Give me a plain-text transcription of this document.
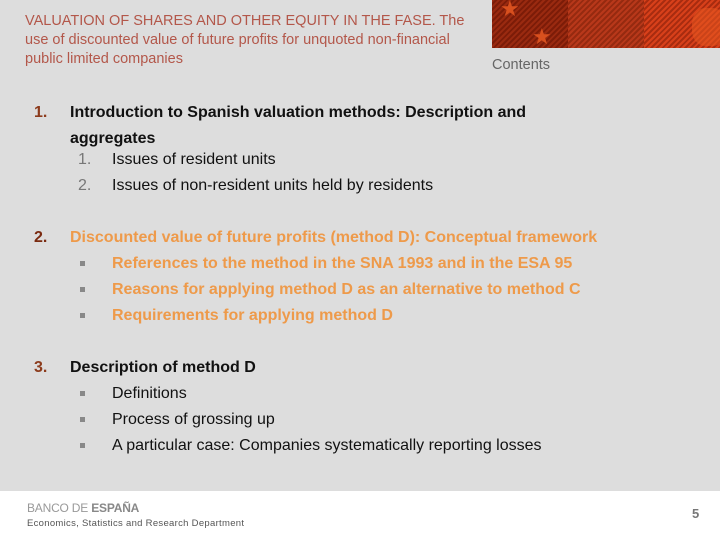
VALUATION OF SHARES AND OTHER EQUITY IN THE FASE. The use of discounted value of future profits for unquoted non-financial public limited companies
★
★
Contents
1. Introduction to Spanish valuation methods: Description and aggregates
1. Issues of resident units
2. Issues of non-resident units held by residents
2. Discounted value of future profits (method D): Conceptual framework
References to the method in the SNA 1993 and in the ESA 95
Reasons for applying method D as an alternative to method C
Requirements for applying method D
3. Description of method D
Definitions
Process of grossing up
A particular case: Companies systematically reporting losses
BANCO DE ESPAÑA
Economics, Statistics and Research Department
5
